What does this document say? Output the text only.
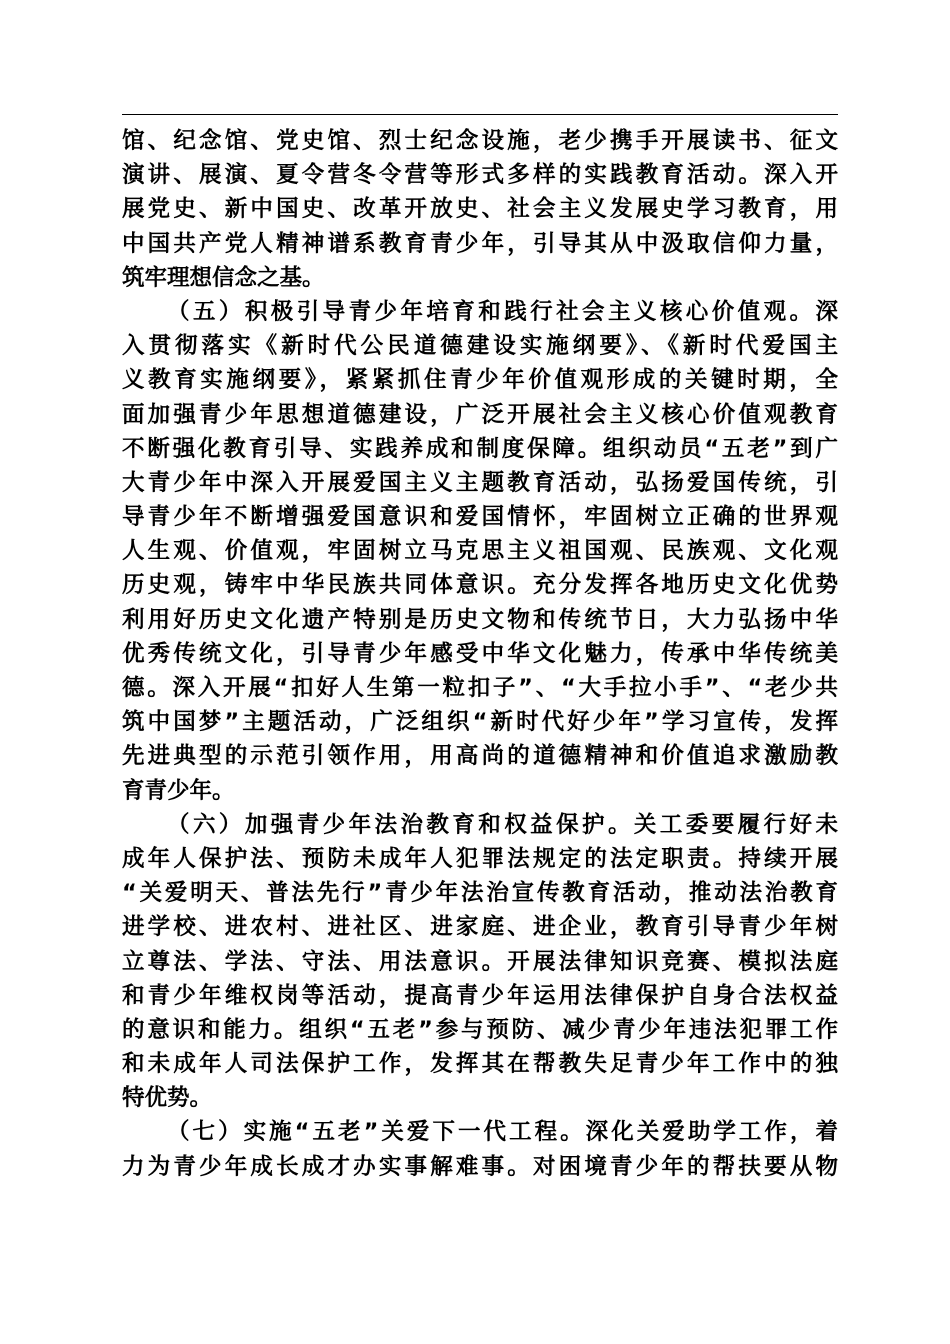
馆、纪念馆、党史馆、烈士纪念设施，老少携手开展读书、征文
演讲、展演、夏令营冬令营等形式多样的实践教育活动。深入开
展党史、新中国史、改革开放史、社会主义发展史学习教育，用
中国共产党人精神谱系教育青少年，引导其从中汲取信仰力量，
筑牢理想信念之基。
（五）积极引导青少年培育和践行社会主义核心价值观。深
入贯彻落实《新时代公民道德建设实施纲要》、《新时代爱国主
义教育实施纲要》，紧紧抓住青少年价值观形成的关键时期，全
面加强青少年思想道德建设，广泛开展社会主义核心价值观教育
不断强化教育引导、实践养成和制度保障。组织动员“五老”到广
大青少年中深入开展爱国主义主题教育活动，弘扬爱国传统，引
导青少年不断增强爱国意识和爱国情怀，牢固树立正确的世界观
人生观、价值观，牢固树立马克思主义祖国观、民族观、文化观
历史观，铸牢中华民族共同体意识。充分发挥各地历史文化优势
利用好历史文化遗产特别是历史文物和传统节日，大力弘扬中华
优秀传统文化，引导青少年感受中华文化魅力，传承中华传统美
德。深入开展“扣好人生第一粒扣子”、“大手拉小手”、“老少共
筑中国梦”主题活动，广泛组织“新时代好少年”学习宣传，发挥
先进典型的示范引领作用，用高尚的道德精神和价值追求激励教
育青少年。
（六）加强青少年法治教育和权益保护。关工委要履行好未
成年人保护法、预防未成年人犯罪法规定的法定职责。持续开展
“关爱明天、普法先行”青少年法治宣传教育活动，推动法治教育
进学校、进农村、进社区、进家庭、进企业，教育引导青少年树
立尊法、学法、守法、用法意识。开展法律知识竞赛、模拟法庭
和青少年维权岗等活动，提高青少年运用法律保护自身合法权益
的意识和能力。组织“五老”参与预防、减少青少年违法犯罪工作
和未成年人司法保护工作，发挥其在帮教失足青少年工作中的独
特优势。
（七）实施“五老”关爱下一代工程。深化关爱助学工作，着
力为青少年成长成才办实事解难事。对困境青少年的帮扶要从物
